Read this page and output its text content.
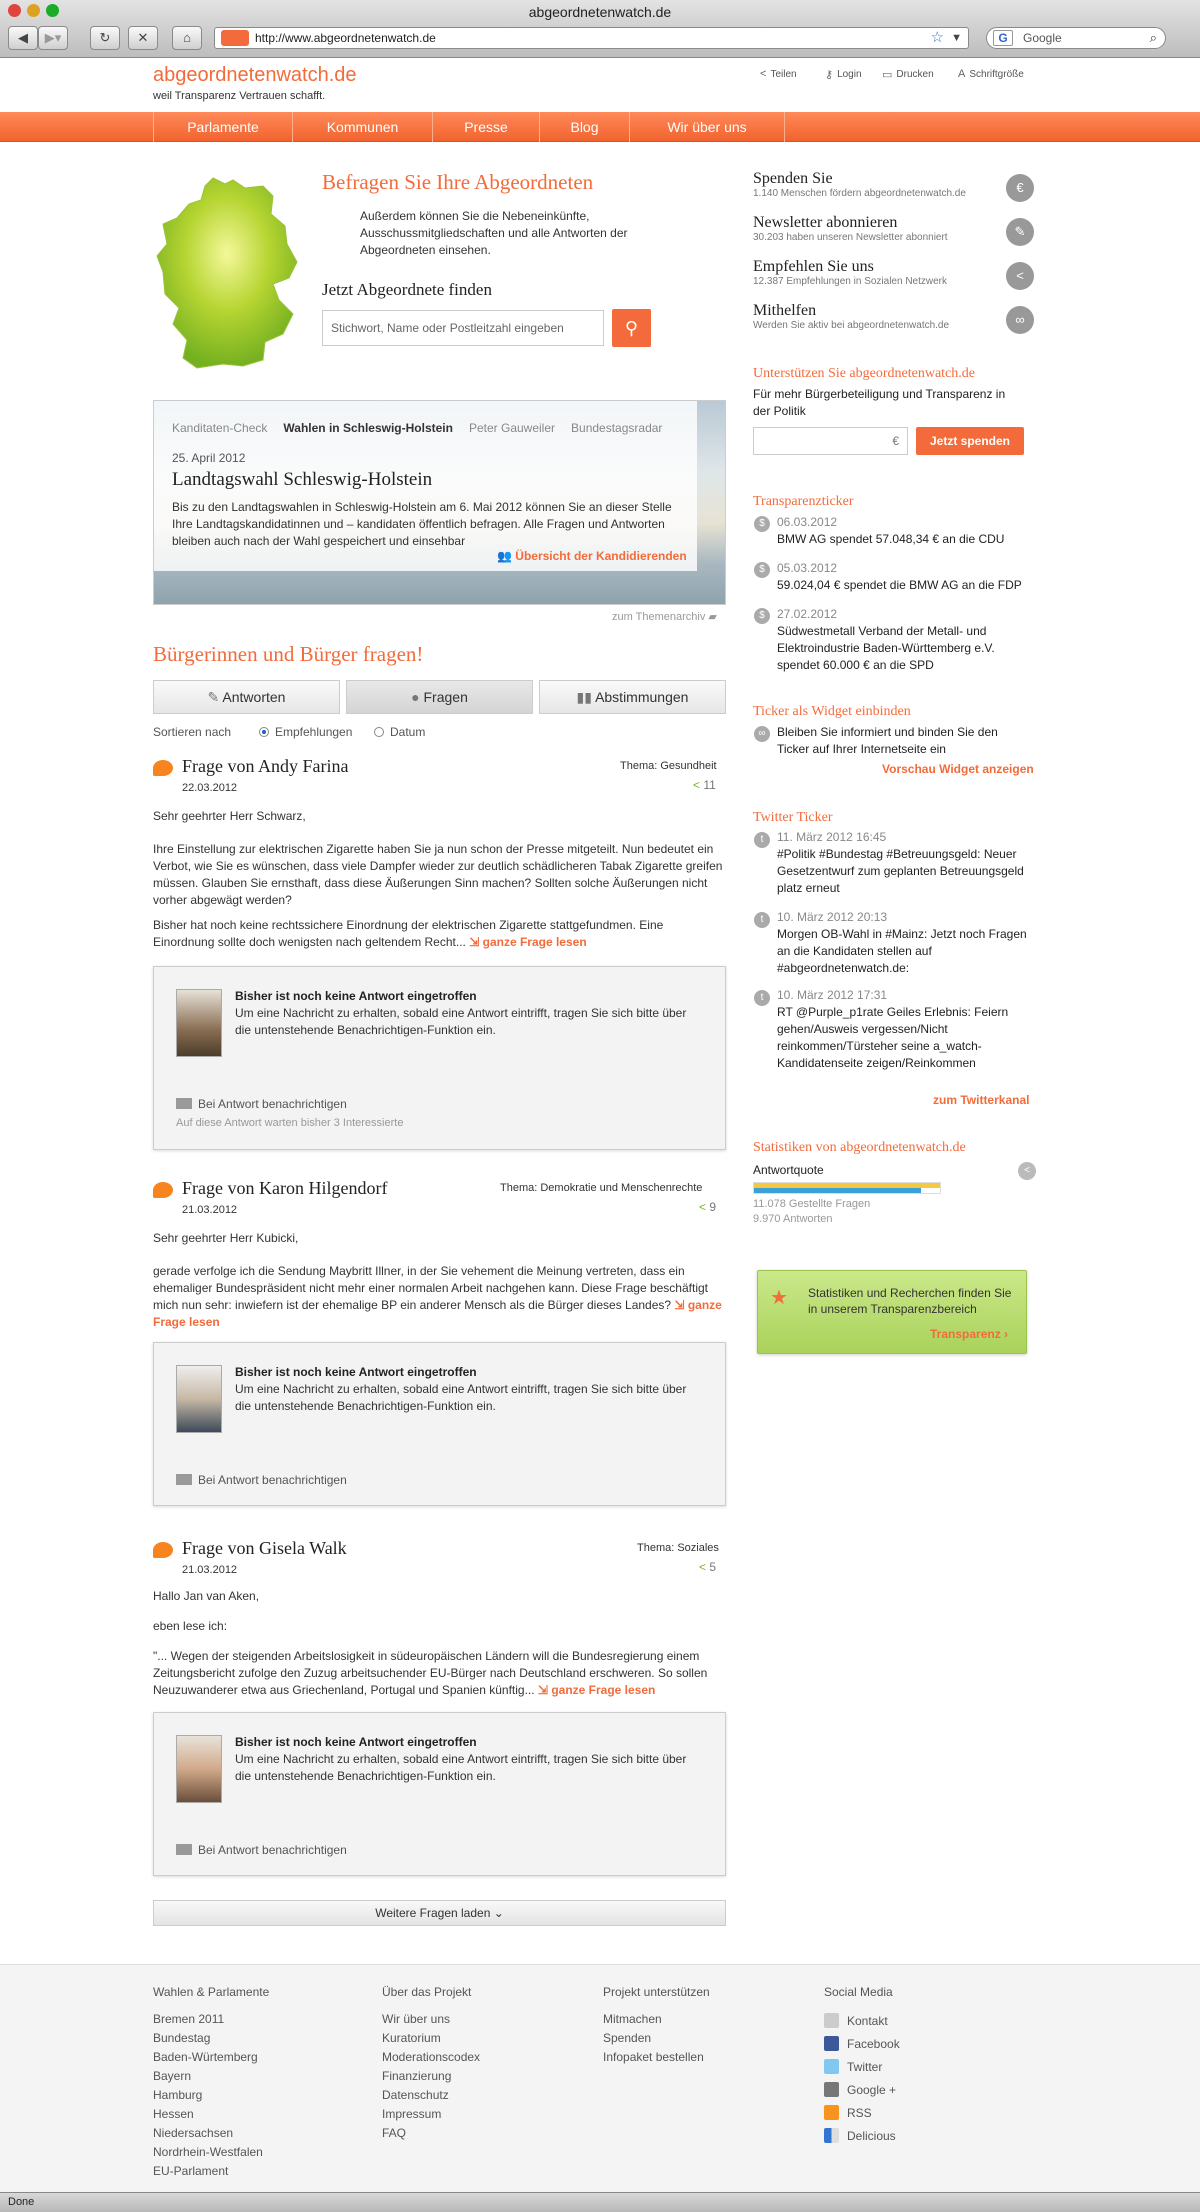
abgeordnetenwatch.de
◀	▶▾	↻	✕	⌂	http://www.abgeordnetenwatch.de	☆ ▼	G	Google	⌕
abgeordnetenwatch.de
weil Transparenz Vertrauen schafft.
< Teilen	⚷ Login ▭ Drucken A Schriftgröße
Parlamente	Kommunen	Presse	Blog	Wir über uns
Befragen Sie Ihre Abgeordneten
Außerdem können Sie die Nebeneinkünfte, Ausschussmitgliedschaften und alle Antworten der Abgeordneten einsehen.
Jetzt Abgeordnete finden
Stichwort, Name oder Postleitzahl eingeben	⚲
Kanditaten-Check Wahlen in Schleswig-Holstein Peter Gauweiler Bundestagsradar
25. April 2012
Landtagswahl Schleswig-Holstein
Bis zu den Landtagswahlen in Schleswig-Holstein am 6. Mai 2012 können Sie an dieser Stelle Ihre Landtagskandidatinnen und – kandidaten öffentlich befragen. Alle Fragen und Antworten bleiben auch nach der Wahl gespeichert und einsehbar
👥 Übersicht der Kandidierenden
zum Themenarchiv ▰
Bürgerinnen und Bürger fragen!
✎ Antworten	● Fragen	▮▮ Abstimmungen
Sortieren nach	Empfehlungen	Datum
Frage von Andy Farina
22.03.2012
Thema: Gesundheit
< 11
Sehr geehrter Herr Schwarz,
Ihre Einstellung zur elektrischen Zigarette haben Sie ja nun schon der Presse mitgeteilt. Nun bedeutet ein Verbot, wie Sie es wünschen, dass viele Dampfer wieder zur deutlich schädlicheren Tabak Zigarette greifen müssen. Glauben Sie ernsthaft, dass diese Äußerungen Sinn machen? Sollten solche Äußerungen nicht vorher abgewägt werden?
Bisher hat noch keine rechtssichere Einordnung der elektrischen Zigarette stattgefundmen. Eine Einordnung sollte doch wenigsten nach geltendem Recht... ⇲ ganze Frage lesen
Bisher ist noch keine Antwort eingetroffen
Um eine Nachricht zu erhalten, sobald eine Antwort eintrifft, tragen Sie sich bitte über die untenstehende Benachrichtigen-Funktion ein.
Bei Antwort benachrichtigen
Auf diese Antwort warten bisher 3 Interessierte
Frage von Karon Hilgendorf
21.03.2012
Thema: Demokratie und Menschenrechte
< 9
Sehr geehrter Herr Kubicki,
gerade verfolge ich die Sendung Maybritt Illner, in der Sie vehement die Meinung vertreten, dass ein ehemaliger Bundespräsident nicht mehr einer normalen Arbeit nachgehen kann. Diese Frage beschäftigt mich nun sehr: inwiefern ist der ehemalige BP ein anderer Mensch als die Bürger dieses Landes? ⇲ ganze Frage lesen
Bisher ist noch keine Antwort eingetroffen
Um eine Nachricht zu erhalten, sobald eine Antwort eintrifft, tragen Sie sich bitte über die untenstehende Benachrichtigen-Funktion ein.
Bei Antwort benachrichtigen
Frage von Gisela Walk
21.03.2012
Thema: Soziales
< 5
Hallo Jan van Aken,
eben lese ich:
"... Wegen der steigenden Arbeitslosigkeit in südeuropäischen Ländern will die Bundesregierung einem Zeitungsbericht zufolge den Zuzug arbeitsuchender EU-Bürger nach Deutschland erschweren. So sollen Neuzuwanderer etwa aus Griechenland, Portugal und Spanien künftig... ⇲ ganze Frage lesen
Bisher ist noch keine Antwort eingetroffen
Um eine Nachricht zu erhalten, sobald eine Antwort eintrifft, tragen Sie sich bitte über die untenstehende Benachrichtigen-Funktion ein.
Bei Antwort benachrichtigen
Weitere Fragen laden ⌄
Spenden Sie
1.140 Menschen fördern abgeordnetenwatch.de	€
Newsletter abonnieren
30.203 haben unseren Newsletter abonniert	✎
Empfehlen Sie uns
12.387 Empfehlungen in Sozialen Netzwerk	<
Mithelfen
Werden Sie aktiv bei abgeordnetenwatch.de	∞
Unterstützen Sie abgeordnetenwatch.de
Für mehr Bürgerbeteiligung und Transparenz in der Politik
€	Jetzt spenden
Transparenzticker
$	06.03.2012
BMW AG spendet 57.048,34 € an die CDU
$	05.03.2012
59.024,04 € spendet die BMW AG an die FDP
$	27.02.2012
Südwestmetall Verband der Metall- und Elektroindustrie Baden-Württemberg e.V. spendet 60.000 € an die SPD
Ticker als Widget einbinden
∞ Bleiben Sie informiert und binden Sie den Ticker auf Ihrer Internetseite ein
Vorschau Widget anzeigen
Twitter Ticker
t	11. März 2012 16:45
#Politik #Bundestag #Betreuungsgeld: Neuer Gesetzentwurf zum geplanten Betreuungsgeld platz erneut
t	10. März 2012 20:13
Morgen OB-Wahl in #Mainz: Jetzt noch Fragen an die Kandidaten stellen auf #abgeordnetenwatch.de:
t	10. März 2012 17:31
RT @Purple_p1rate Geiles Erlebnis: Feiern gehen/Ausweis vergessen/Nicht reinkommen/Türsteher seine a_watch-Kandidatenseite zeigen/Reinkommen
zum Twitterkanal
Statistiken von abgeordnetenwatch.de
Antwortquote	<
11.078 Gestellte Fragen
9.970 Antworten
★ Statistiken und Recherchen finden Sie in unserem Transparenzbereich
Transparenz ›
Wahlen & Parlamente
Bremen 2011
Bundestag
Baden-Würtemberg
Bayern
Hamburg
Hessen
Niedersachsen
Nordrhein-Westfalen
EU-Parlament
Über das Projekt
Wir über uns
Kuratorium
Moderationscodex
Finanzierung
Datenschutz
Impressum
FAQ
Projekt unterstützen
Mitmachen
Spenden
Infopaket bestellen
Social Media
Kontakt
Facebook
Twitter
Google +
RSS
Delicious
Done
